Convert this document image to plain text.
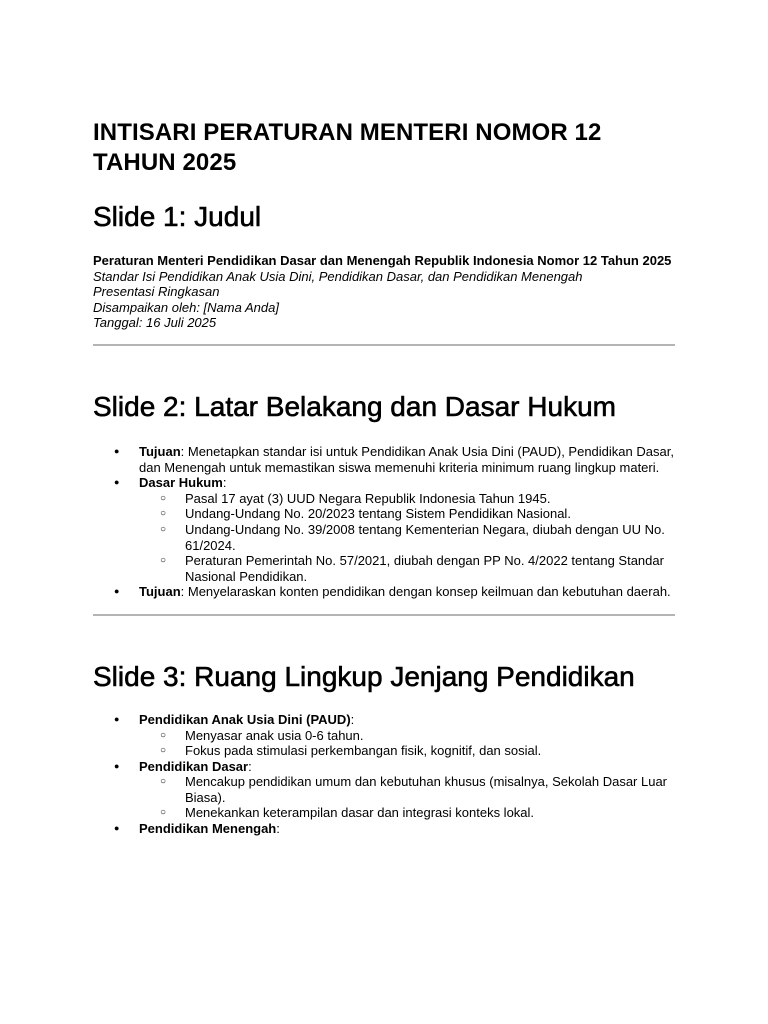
INTISARI PERATURAN MENTERI NOMOR 12 TAHUN 2025
Slide 1: Judul
Peraturan Menteri Pendidikan Dasar dan Menengah Republik Indonesia Nomor 12 Tahun 2025
Standar Isi Pendidikan Anak Usia Dini, Pendidikan Dasar, dan Pendidikan Menengah
Presentasi Ringkasan
Disampaikan oleh: [Nama Anda]
Tanggal: 16 Juli 2025
Slide 2: Latar Belakang dan Dasar Hukum
● Tujuan: Menetapkan standar isi untuk Pendidikan Anak Usia Dini (PAUD), Pendidikan Dasar, dan Menengah untuk memastikan siswa memenuhi kriteria minimum ruang lingkup materi.
● Dasar Hukum:
○ Pasal 17 ayat (3) UUD Negara Republik Indonesia Tahun 1945.
○ Undang-Undang No. 20/2023 tentang Sistem Pendidikan Nasional.
○ Undang-Undang No. 39/2008 tentang Kementerian Negara, diubah dengan UU No. 61/2024.
○ Peraturan Pemerintah No. 57/2021, diubah dengan PP No. 4/2022 tentang Standar Nasional Pendidikan.
● Tujuan: Menyelaraskan konten pendidikan dengan konsep keilmuan dan kebutuhan daerah.
Slide 3: Ruang Lingkup Jenjang Pendidikan
● Pendidikan Anak Usia Dini (PAUD):
○ Menyasar anak usia 0-6 tahun.
○ Fokus pada stimulasi perkembangan fisik, kognitif, dan sosial.
● Pendidikan Dasar:
○ Mencakup pendidikan umum dan kebutuhan khusus (misalnya, Sekolah Dasar Luar Biasa).
○ Menekankan keterampilan dasar dan integrasi konteks lokal.
● Pendidikan Menengah:
